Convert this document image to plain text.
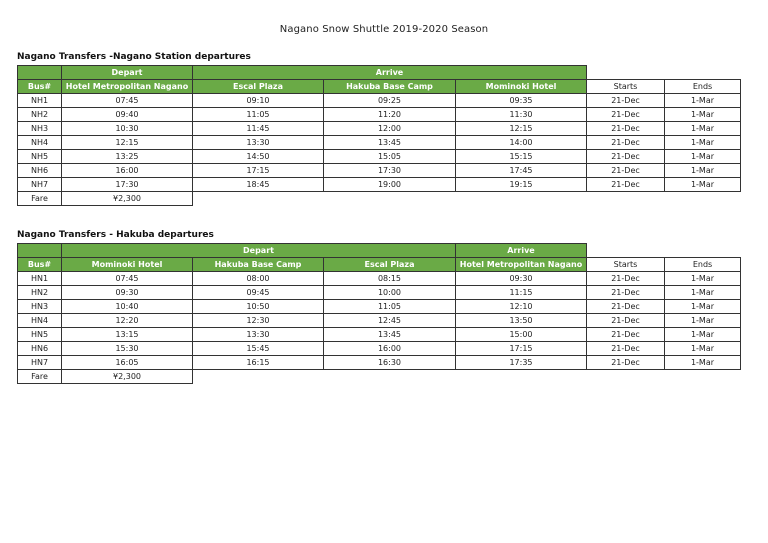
Nagano Snow Shuttle 2019-2020 Season
Nagano Transfers -Nagano Station departures
	Depart	Arrive				
Bus#	Hotel Metropolitan Nagano	Escal Plaza	Hakuba Base Camp	Mominoki Hotel	Starts	Ends
NH1	07:45	09:10	09:25	09:35	21-Dec	1-Mar
NH2	09:40	11:05	11:20	11:30	21-Dec	1-Mar
NH3	10:30	11:45	12:00	12:15	21-Dec	1-Mar
NH4	12:15	13:30	13:45	14:00	21-Dec	1-Mar
NH5	13:25	14:50	15:05	15:15	21-Dec	1-Mar
NH6	16:00	17:15	17:30	17:45	21-Dec	1-Mar
NH7	17:30	18:45	19:00	19:15	21-Dec	1-Mar
Fare	¥2,300					
Nagano Transfers - Hakuba departures
	Depart			Arrive		
Bus#	Mominoki Hotel	Hakuba Base Camp	Escal Plaza	Hotel Metropolitan Nagano	Starts	Ends
HN1	07:45	08:00	08:15	09:30	21-Dec	1-Mar
HN2	09:30	09:45	10:00	11:15	21-Dec	1-Mar
HN3	10:40	10:50	11:05	12:10	21-Dec	1-Mar
HN4	12:20	12:30	12:45	13:50	21-Dec	1-Mar
HN5	13:15	13:30	13:45	15:00	21-Dec	1-Mar
HN6	15:30	15:45	16:00	17:15	21-Dec	1-Mar
HN7	16:05	16:15	16:30	17:35	21-Dec	1-Mar
Fare	¥2,300					
